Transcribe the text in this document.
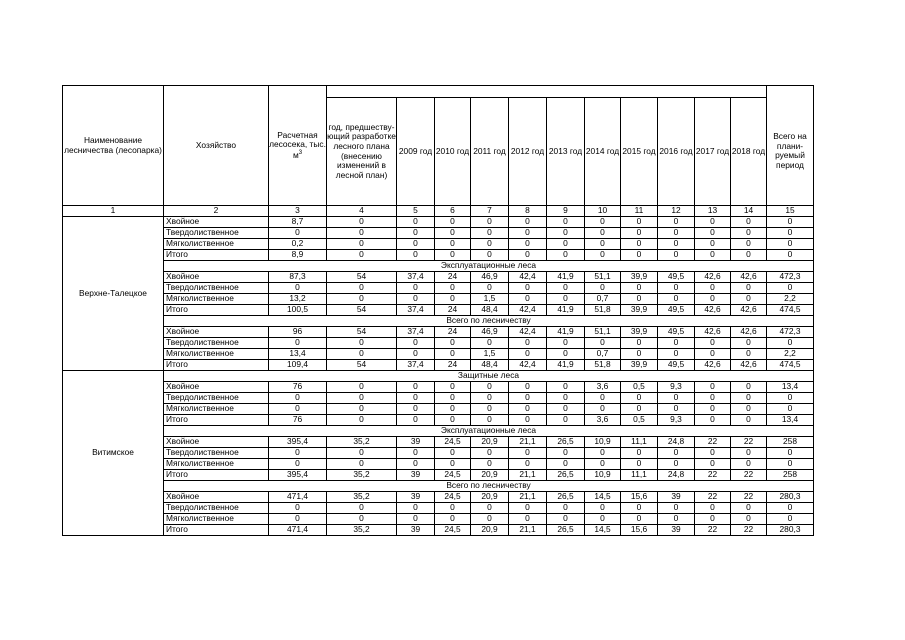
Наименование лесничества (лесопарка)	Хозяйство	Расчетная лесосека, тыс. $м^3$		
			год, предшеству-ющий разработке лесного плана (внесению изменений в лесной план)	2009 год	2010 год	2011 год	2012 год	2013 год	2014 год	2015 год	2016 год	2017 год	2018 год	Всего на плани-руемый период
1	2	3	4	5	6	7	8	9	10	11	12	13	14	15
Верхне-Талецкое	Хвойное	8,7	0	0	0	0	0	0	0	0	0	0	0	0
	Твердолиственное	0	0	0	0	0	0	0	0	0	0	0	0	0
	Мягколиственное	0,2	0	0	0	0	0	0	0	0	0	0	0	0
	Итого	8,9	0	0	0	0	0	0	0	0	0	0	0	0
	Эксплуатационные леса													
	Хвойное	87,3	54	37,4	24	46,9	42,4	41,9	51,1	39,9	49,5	42,6	42,6	472,3
	Твердолиственное	0	0	0	0	0	0	0	0	0	0	0	0	0
	Мягколиственное	13,2	0	0	0	1,5	0	0	0,7	0	0	0	0	2,2
	Итого	100,5	54	37,4	24	48,4	42,4	41,9	51,8	39,9	49,5	42,6	42,6	474,5
	Всего по лесничеству													
	Хвойное	96	54	37,4	24	46,9	42,4	41,9	51,1	39,9	49,5	42,6	42,6	472,3
	Твердолиственное	0	0	0	0	0	0	0	0	0	0	0	0	0
	Мягколиственное	13,4	0	0	0	1,5	0	0	0,7	0	0	0	0	2,2
	Итого	109,4	54	37,4	24	48,4	42,4	41,9	51,8	39,9	49,5	42,6	42,6	474,5
Витимское	Защитные леса													
	Хвойное	76	0	0	0	0	0	0	3,6	0,5	9,3	0	0	13,4
	Твердолиственное	0	0	0	0	0	0	0	0	0	0	0	0	0
	Мягколиственное	0	0	0	0	0	0	0	0	0	0	0	0	0
	Итого	76	0	0	0	0	0	0	3,6	0,5	9,3	0	0	13,4
	Эксплуатационные леса													
	Хвойное	395,4	35,2	39	24,5	20,9	21,1	26,5	10,9	11,1	24,8	22	22	258
	Твердолиственное	0	0	0	0	0	0	0	0	0	0	0	0	0
	Мягколиственное	0	0	0	0	0	0	0	0	0	0	0	0	0
	Итого	395,4	35,2	39	24,5	20,9	21,1	26,5	10,9	11,1	24,8	22	22	258
	Всего по лесничеству													
	Хвойное	471,4	35,2	39	24,5	20,9	21,1	26,5	14,5	15,6	39	22	22	280,3
	Твердолиственное	0	0	0	0	0	0	0	0	0	0	0	0	0
	Мягколиственное	0	0	0	0	0	0	0	0	0	0	0	0	0
	Итого	471,4	35,2	39	24,5	20,9	21,1	26,5	14,5	15,6	39	22	22	280,3
